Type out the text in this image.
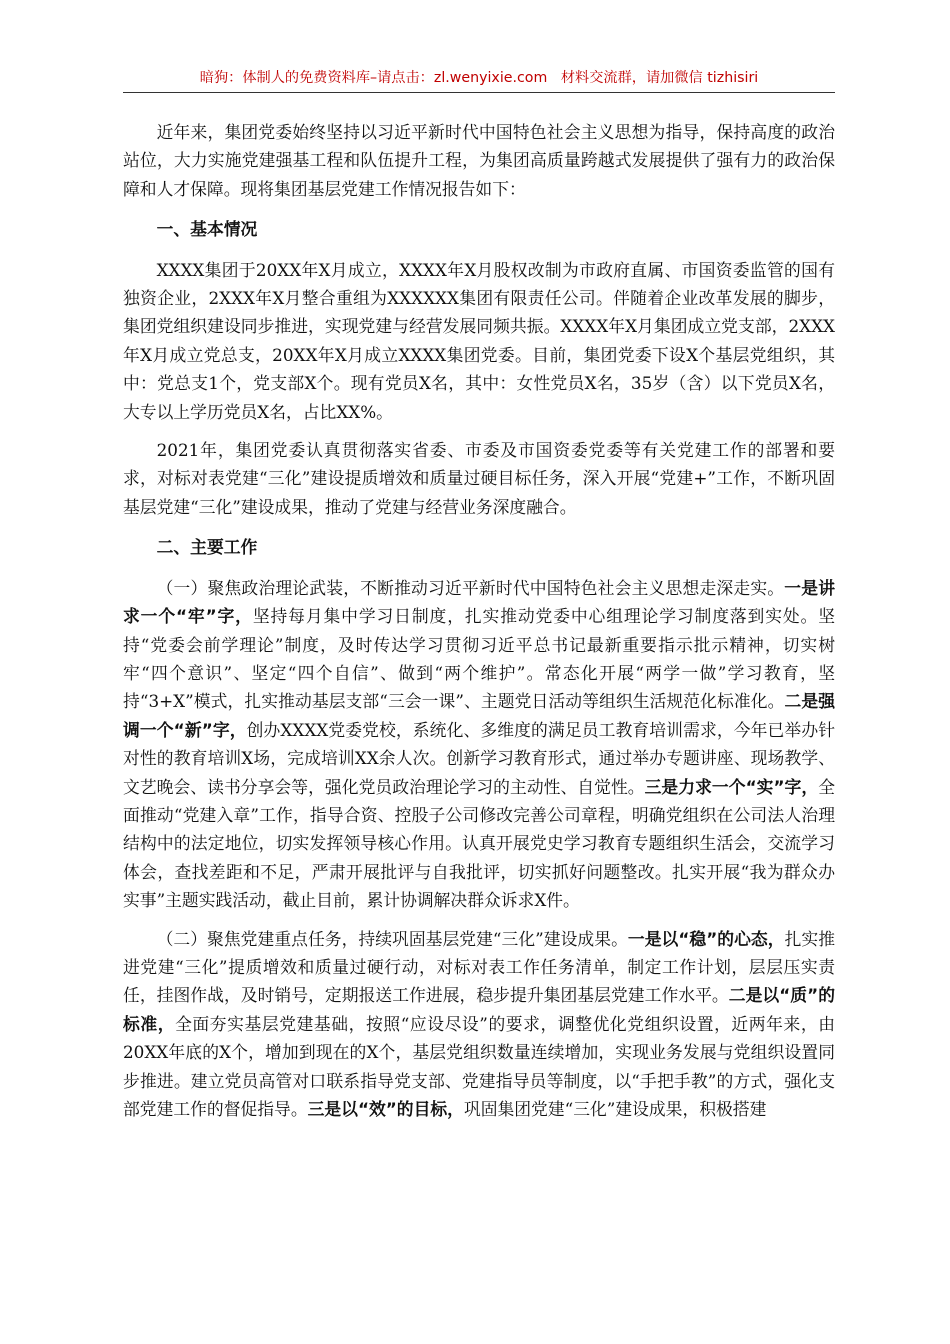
暗狗：体制人的免费资料库–请点击：zl.wenyixie.com 材料交流群，请加微信 tizhisiri

近年来，集团党委始终坚持以习近平新时代中国特色社会主义思想为指导，保持高度的政治站位，大力实施党建强基工程和队伍提升工程，为集团高质量跨越式发展提供了强有力的政治保障和人才保障。现将集团基层党建工作情况报告如下：

一、基本情况

XXXX集团于20XX年X月成立，XXXX年X月股权改制为市政府直属、市国资委监管的国有独资企业，2XXX年X月整合重组为XXXXXX集团有限责任公司。伴随着企业改革发展的脚步，集团党组织建设同步推进，实现党建与经营发展同频共振。XXXX年X月集团成立党支部，2XXX年X月成立党总支，20XX年X月成立XXXX集团党委。目前，集团党委下设X个基层党组织，其中：党总支1个，党支部X个。现有党员X名，其中：女性党员X名，35岁（含）以下党员X名，大专以上学历党员X名，占比XX%。

2021年，集团党委认真贯彻落实省委、市委及市国资委党委等有关党建工作的部署和要求，对标对表党建“三化”建设提质增效和质量过硬目标任务，深入开展“党建+”工作，不断巩固基层党建“三化”建设成果，推动了党建与经营业务深度融合。

二、主要工作

（一）聚焦政治理论武装，不断推动习近平新时代中国特色社会主义思想走深走实。一是讲求一个“牢”字，坚持每月集中学习日制度，扎实推动党委中心组理论学习制度落到实处。坚持“党委会前学理论”制度，及时传达学习贯彻习近平总书记最新重要指示批示精神，切实树牢“四个意识”、坚定“四个自信”、做到“两个维护”。常态化开展“两学一做”学习教育，坚持“3+X”模式，扎实推动基层支部“三会一课”、主题党日活动等组织生活规范化标准化。二是强调一个“新”字，创办XXXX党委党校，系统化、多维度的满足员工教育培训需求，今年已举办针对性的教育培训X场，完成培训XX余人次。创新学习教育形式，通过举办专题讲座、现场教学、文艺晚会、读书分享会等，强化党员政治理论学习的主动性、自觉性。三是力求一个“实”字，全面推动“党建入章”工作，指导合资、控股子公司修改完善公司章程，明确党组织在公司法人治理结构中的法定地位，切实发挥领导核心作用。认真开展党史学习教育专题组织生活会，交流学习体会，查找差距和不足，严肃开展批评与自我批评，切实抓好问题整改。扎实开展“我为群众办实事”主题实践活动，截止目前，累计协调解决群众诉求X件。

（二）聚焦党建重点任务，持续巩固基层党建“三化”建设成果。一是以“稳”的心态，扎实推进党建“三化”提质增效和质量过硬行动，对标对表工作任务清单，制定工作计划，层层压实责任，挂图作战，及时销号，定期报送工作进展，稳步提升集团基层党建工作水平。二是以“质”的标准，全面夯实基层党建基础，按照“应设尽设”的要求，调整优化党组织设置，近两年来，由20XX年底的X个，增加到现在的X个，基层党组织数量连续增加，实现业务发展与党组织设置同步推进。建立党员高管对口联系指导党支部、党建指导员等制度，以“手把手教”的方式，强化支部党建工作的督促指导。三是以“效”的目标，巩固集团党建“三化”建设成果，积极搭建
